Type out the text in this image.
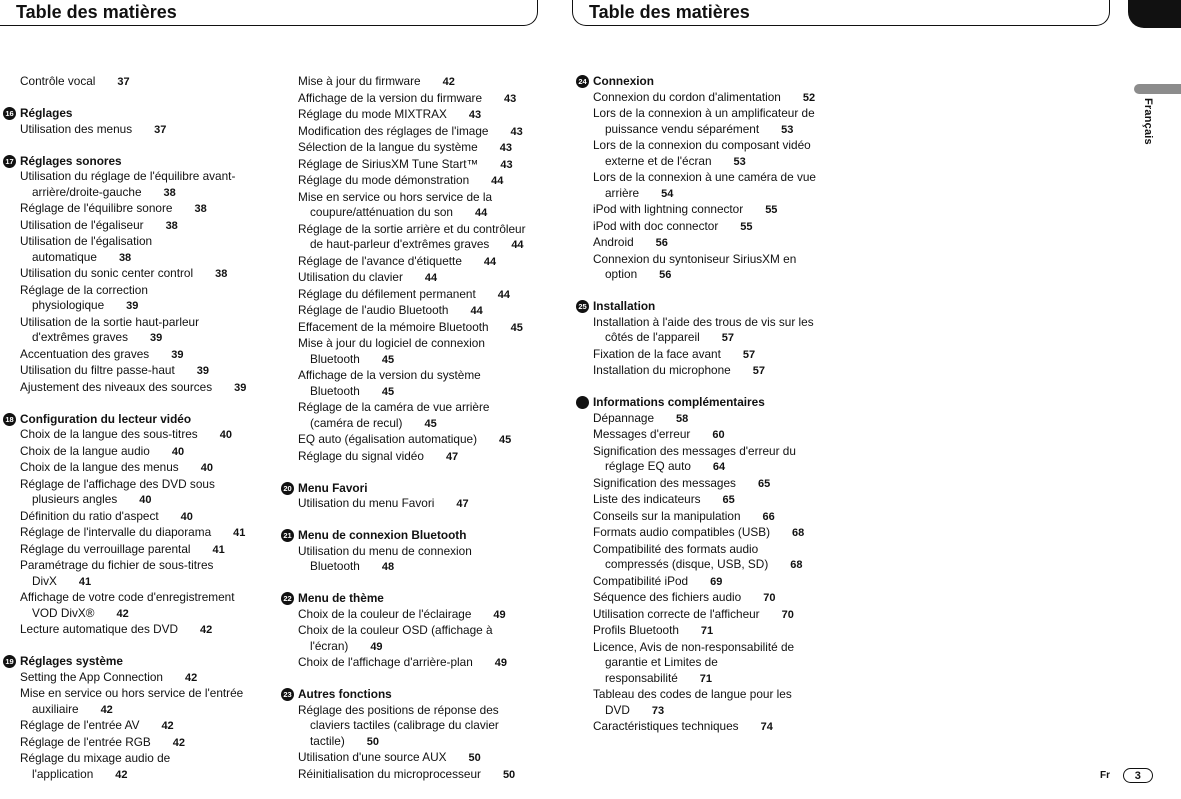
Table des matières	Table des matières
Français
Contrôle vocal 37
16 Réglages
Utilisation des menus 37
17 Réglages sonores
Utilisation du réglage de l'équilibre avant-
arrière/droite-gauche 38
Réglage de l'équilibre sonore 38
Utilisation de l'égaliseur 38
Utilisation de l'égalisation
automatique 38
Utilisation du sonic center control 38
Réglage de la correction
physiologique 39
Utilisation de la sortie haut-parleur
d'extrêmes graves 39
Accentuation des graves 39
Utilisation du filtre passe-haut 39
Ajustement des niveaux des sources 39
18 Configuration du lecteur vidéo
Choix de la langue des sous-titres 40
Choix de la langue audio 40
Choix de la langue des menus 40
Réglage de l'affichage des DVD sous
plusieurs angles 40
Définition du ratio d'aspect 40
Réglage de l'intervalle du diaporama 41
Réglage du verrouillage parental 41
Paramétrage du fichier de sous-titres
DivX 41
Affichage de votre code d'enregistrement
VOD DivX® 42
Lecture automatique des DVD 42
19 Réglages système
Setting the App Connection 42
Mise en service ou hors service de l'entrée
auxiliaire 42
Réglage de l'entrée AV 42
Réglage de l'entrée RGB 42
Réglage du mixage audio de
l'application 42
Mise à jour du firmware 42
Affichage de la version du firmware 43
Réglage du mode MIXTRAX 43
Modification des réglages de l'image 43
Sélection de la langue du système 43
Réglage de SiriusXM Tune Start™ 43
Réglage du mode démonstration 44
Mise en service ou hors service de la
coupure/atténuation du son 44
Réglage de la sortie arrière et du contrôleur
de haut-parleur d'extrêmes graves 44
Réglage de l'avance d'étiquette 44
Utilisation du clavier 44
Réglage du défilement permanent 44
Réglage de l'audio Bluetooth 44
Effacement de la mémoire Bluetooth 45
Mise à jour du logiciel de connexion
Bluetooth 45
Affichage de la version du système
Bluetooth 45
Réglage de la caméra de vue arrière
(caméra de recul) 45
EQ auto (égalisation automatique) 45
Réglage du signal vidéo 47
20 Menu Favori
Utilisation du menu Favori 47
21 Menu de connexion Bluetooth
Utilisation du menu de connexion
Bluetooth 48
22 Menu de thème
Choix de la couleur de l'éclairage 49
Choix de la couleur OSD (affichage à
l'écran) 49
Choix de l'affichage d'arrière-plan 49
23 Autres fonctions
Réglage des positions de réponse des
claviers tactiles (calibrage du clavier
tactile) 50
Utilisation d'une source AUX 50
Réinitialisation du microprocesseur 50
24 Connexion
Connexion du cordon d'alimentation 52
Lors de la connexion à un amplificateur de
puissance vendu séparément 53
Lors de la connexion du composant vidéo
externe et de l'écran 53
Lors de la connexion à une caméra de vue
arrière 54
iPod with lightning connector 55
iPod with doc connector 55
Android 56
Connexion du syntoniseur SiriusXM en
option 56
25 Installation
Installation à l'aide des trous de vis sur les
côtés de l'appareil 57
Fixation de la face avant 57
Installation du microphone 57
Informations complémentaires
Dépannage 58
Messages d'erreur 60
Signification des messages d'erreur du
réglage EQ auto 64
Signification des messages 65
Liste des indicateurs 65
Conseils sur la manipulation 66
Formats audio compatibles (USB) 68
Compatibilité des formats audio
compressés (disque, USB, SD) 68
Compatibilité iPod 69
Séquence des fichiers audio 70
Utilisation correcte de l'afficheur 70
Profils Bluetooth 71
Licence, Avis de non-responsabilité de
garantie et Limites de
responsabilité 71
Tableau des codes de langue pour les
DVD 73
Caractéristiques techniques 74
Fr 3
